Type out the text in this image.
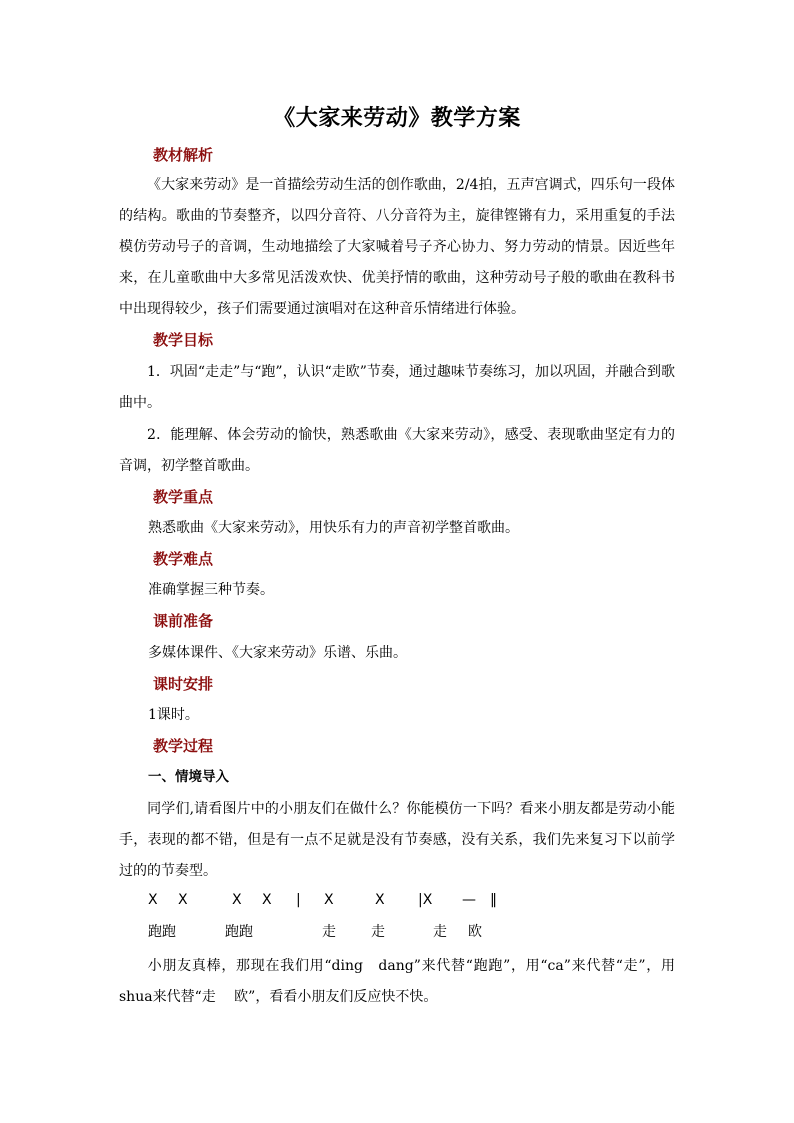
《大家来劳动》教学方案
教材解析
《大家来劳动》是一首描绘劳动生活的创作歌曲，2/4拍，五声宫调式，四乐句一段体的结构。歌曲的节奏整齐，以四分音符、八分音符为主，旋律铿锵有力，采用重复的手法模仿劳动号子的音调，生动地描绘了大家喊着号子齐心协力、努力劳动的情景。因近些年来，在儿童歌曲中大多常见活泼欢快、优美抒情的歌曲，这种劳动号子般的歌曲在教科书中出现得较少，孩子们需要通过演唱对在这种音乐情绪进行体验。
教学目标
1．巩固“走走”与“跑”，认识“走欧”节奏，通过趣味节奏练习，加以巩固，并融合到歌曲中。
2．能理解、体会劳动的愉快，熟悉歌曲《大家来劳动》，感受、表现歌曲坚定有力的音调，初学整首歌曲。
教学重点
熟悉歌曲《大家来劳动》，用快乐有力的声音初学整首歌曲。
教学难点
准确掌握三种节奏。
课前准备
多媒体课件、《大家来劳动》乐谱、乐曲。
课时安排
1课时。
教学过程
一、情境导入
同学们,请看图片中的小朋友们在做什么？你能模仿一下吗？看来小朋友都是劳动小能手，表现的都不错，但是有一点不足就是没有节奏感，没有关系，我们先来复习下以前学过的的节奏型。
X X	X X | X	X |X — ‖
跑跑	跑跑	走	走	走 欧
小朋友真棒，那现在我们用“ding　dang”来代替“跑跑”，用“ca”来代替“走”，用 shua来代替“走　 欧”，看看小朋友们反应快不快。
